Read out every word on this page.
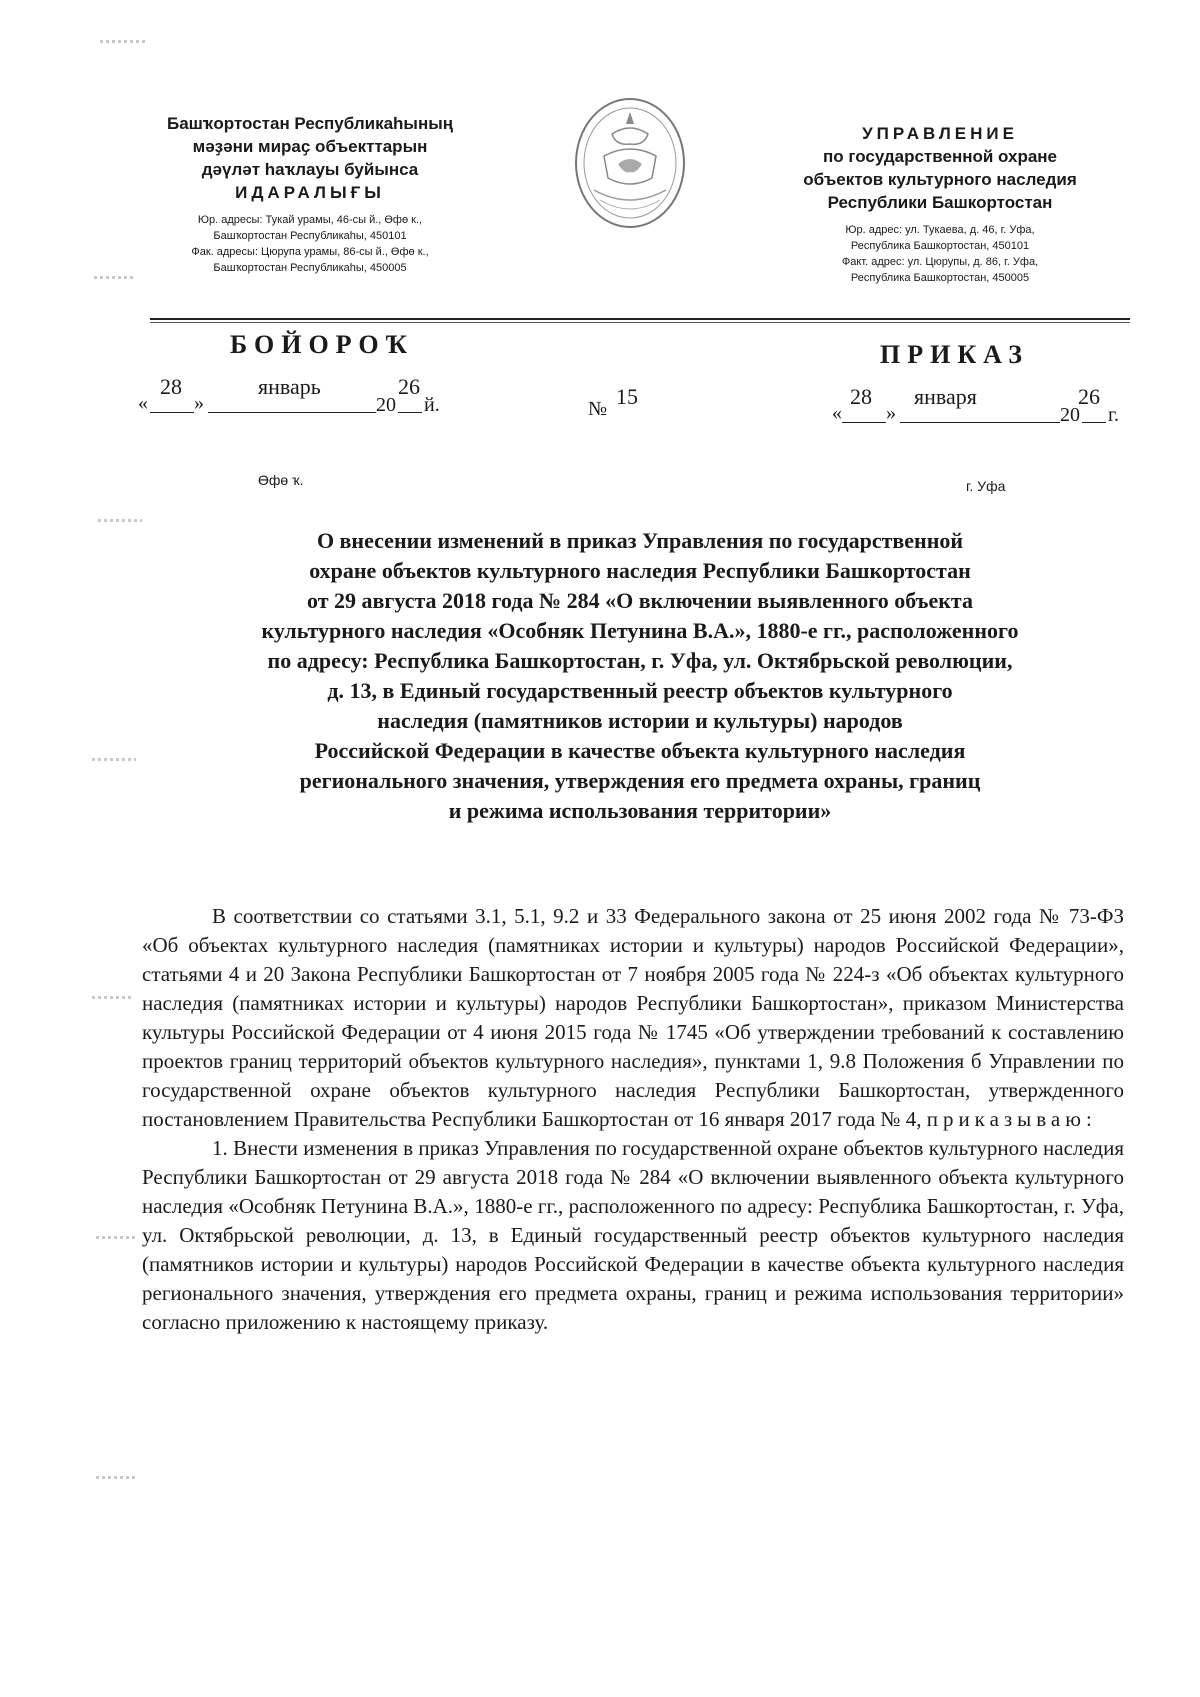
Башҡортостан Республикаһының
мәҙәни мираҫ объекттарын
дәүләт һаҡлауы буйынса
ИДАРАЛЫҒЫ
Юр. адресы: Тукай урамы, 46-сы й., Өфө к.,
Башҡортостан Республикаһы, 450101
Фак. адресы: Цюрупа урамы, 86-сы й., Өфө к.,
Башҡортостан Республикаһы, 450005
УПРАВЛЕНИЕ
по государственной охране
объектов культурного наследия
Республики Башкортостан
Юр. адрес: ул. Тукаева, д. 46, г. Уфа,
Республика Башкортостан, 450101
Факт. адрес: ул. Цюрупы, д. 86, г. Уфа,
Республика Башкортостан, 450005
БОЙОРОҠ	ПРИКАЗ
«
28
»
январь
20
26
й.	№ 15
«
28
»
января
20
26
г.
Өфө ҡ.	г. Уфа
О внесении изменений в приказ Управления по государственной
охране объектов культурного наследия Республики Башкортостан
от 29 августа 2018 года № 284 «О включении выявленного объекта
культурного наследия «Особняк Петунина В.А.», 1880-е гг., расположенного
по адресу: Республика Башкортостан, г. Уфа, ул. Октябрьской революции,
д. 13, в Единый государственный реестр объектов культурного
наследия (памятников истории и культуры) народов
Российской Федерации в качестве объекта культурного наследия
регионального значения, утверждения его предмета охраны, границ
и режима использования территории»

В соответствии со статьями 3.1, 5.1, 9.2 и 33 Федерального закона от 25 июня 2002 года № 73-ФЗ «Об объектах культурного наследия (памятниках истории и культуры) народов Российской Федерации», статьями 4 и 20 Закона Республики Башкортостан от 7 ноября 2005 года № 224-з «Об объектах культурного наследия (памятниках истории и культуры) народов Республики Башкортостан», приказом Министерства культуры Российской Федерации от 4 июня 2015 года № 1745 «Об утверждении требований к составлению проектов границ территорий объектов культурного наследия», пунктами 1, 9.8 Положения б Управлении по государственной охране объектов культурного наследия Республики Башкортостан, утвержденного постановлением Правительства Республики Башкортостан от 16 января 2017 года № 4, приказываю:

1. Внести изменения в приказ Управления по государственной охране объектов культурного наследия Республики Башкортостан от 29 августа 2018 года № 284 «О включении выявленного объекта культурного наследия «Особняк Петунина В.А.», 1880-е гг., расположенного по адресу: Республика Башкортостан, г. Уфа, ул. Октябрьской революции, д. 13, в Единый государственный реестр объектов культурного наследия (памятников истории и культуры) народов Российской Федерации в качестве объекта культурного наследия регионального значения, утверждения его предмета охраны, границ и режима использования территории» согласно приложению к настоящему приказу.
